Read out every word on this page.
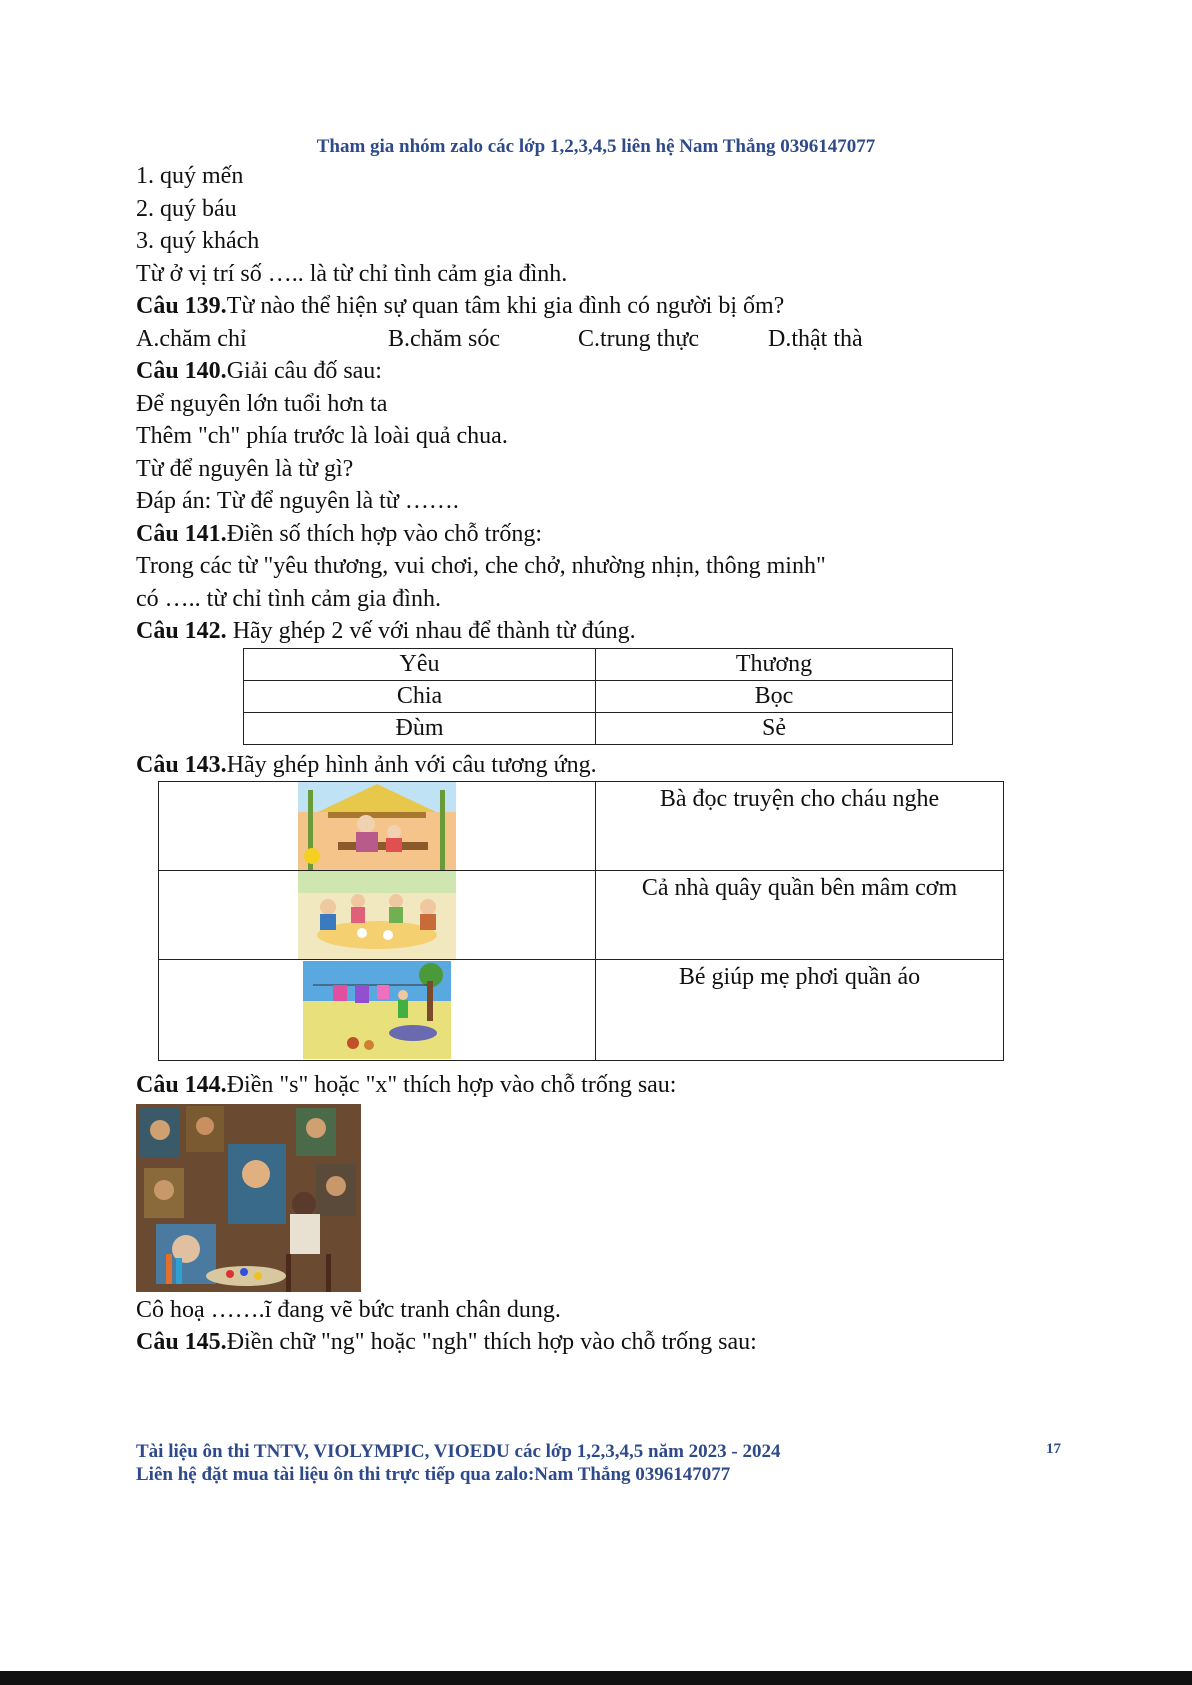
Tham gia nhóm zalo các lớp 1,2,3,4,5 liên hệ Nam Thắng 0396147077
1. quý mến
2. quý báu
3. quý khách
Từ ở vị trí số ….. là từ chỉ tình cảm gia đình.
Câu 139.Từ nào thể hiện sự quan tâm khi gia đình có người bị ốm?
A.chăm chỉ	B.chăm sóc	C.trung thực	D.thật thà
Câu 140.Giải câu đố sau:
Để nguyên lớn tuổi hơn ta
Thêm "ch" phía trước là loài quả chua.
Từ để nguyên là từ gì?
Đáp án: Từ để nguyên là từ …….
Câu 141.Điền số thích hợp vào chỗ trống:
Trong các từ "yêu thương, vui chơi, che chở, nhường nhịn, thông minh"
có ….. từ chỉ tình cảm gia đình.
Câu 142. Hãy ghép 2 vế với nhau để thành từ đúng.
Yêu	Thương
Chia	Bọc
Đùm	Sẻ
Câu 143.Hãy ghép hình ảnh với câu tương ứng.
	Bà đọc truyện cho cháu nghe

	Cả nhà quây quần bên mâm cơm

	Bé giúp mẹ phơi quần áo
Câu 144.Điền "s" hoặc "x" thích hợp vào chỗ trống sau:
Cô hoạ …….ĩ đang vẽ bức tranh chân dung.
Câu 145.Điền chữ "ng" hoặc "ngh" thích hợp vào chỗ trống sau:
Tài liệu ôn thi TNTV, VIOLYMPIC, VIOEDU các lớp 1,2,3,4,5 năm 2023 - 2024
Liên hệ đặt mua tài liệu ôn thi trực tiếp qua zalo:Nam Thắng 0396147077
17
